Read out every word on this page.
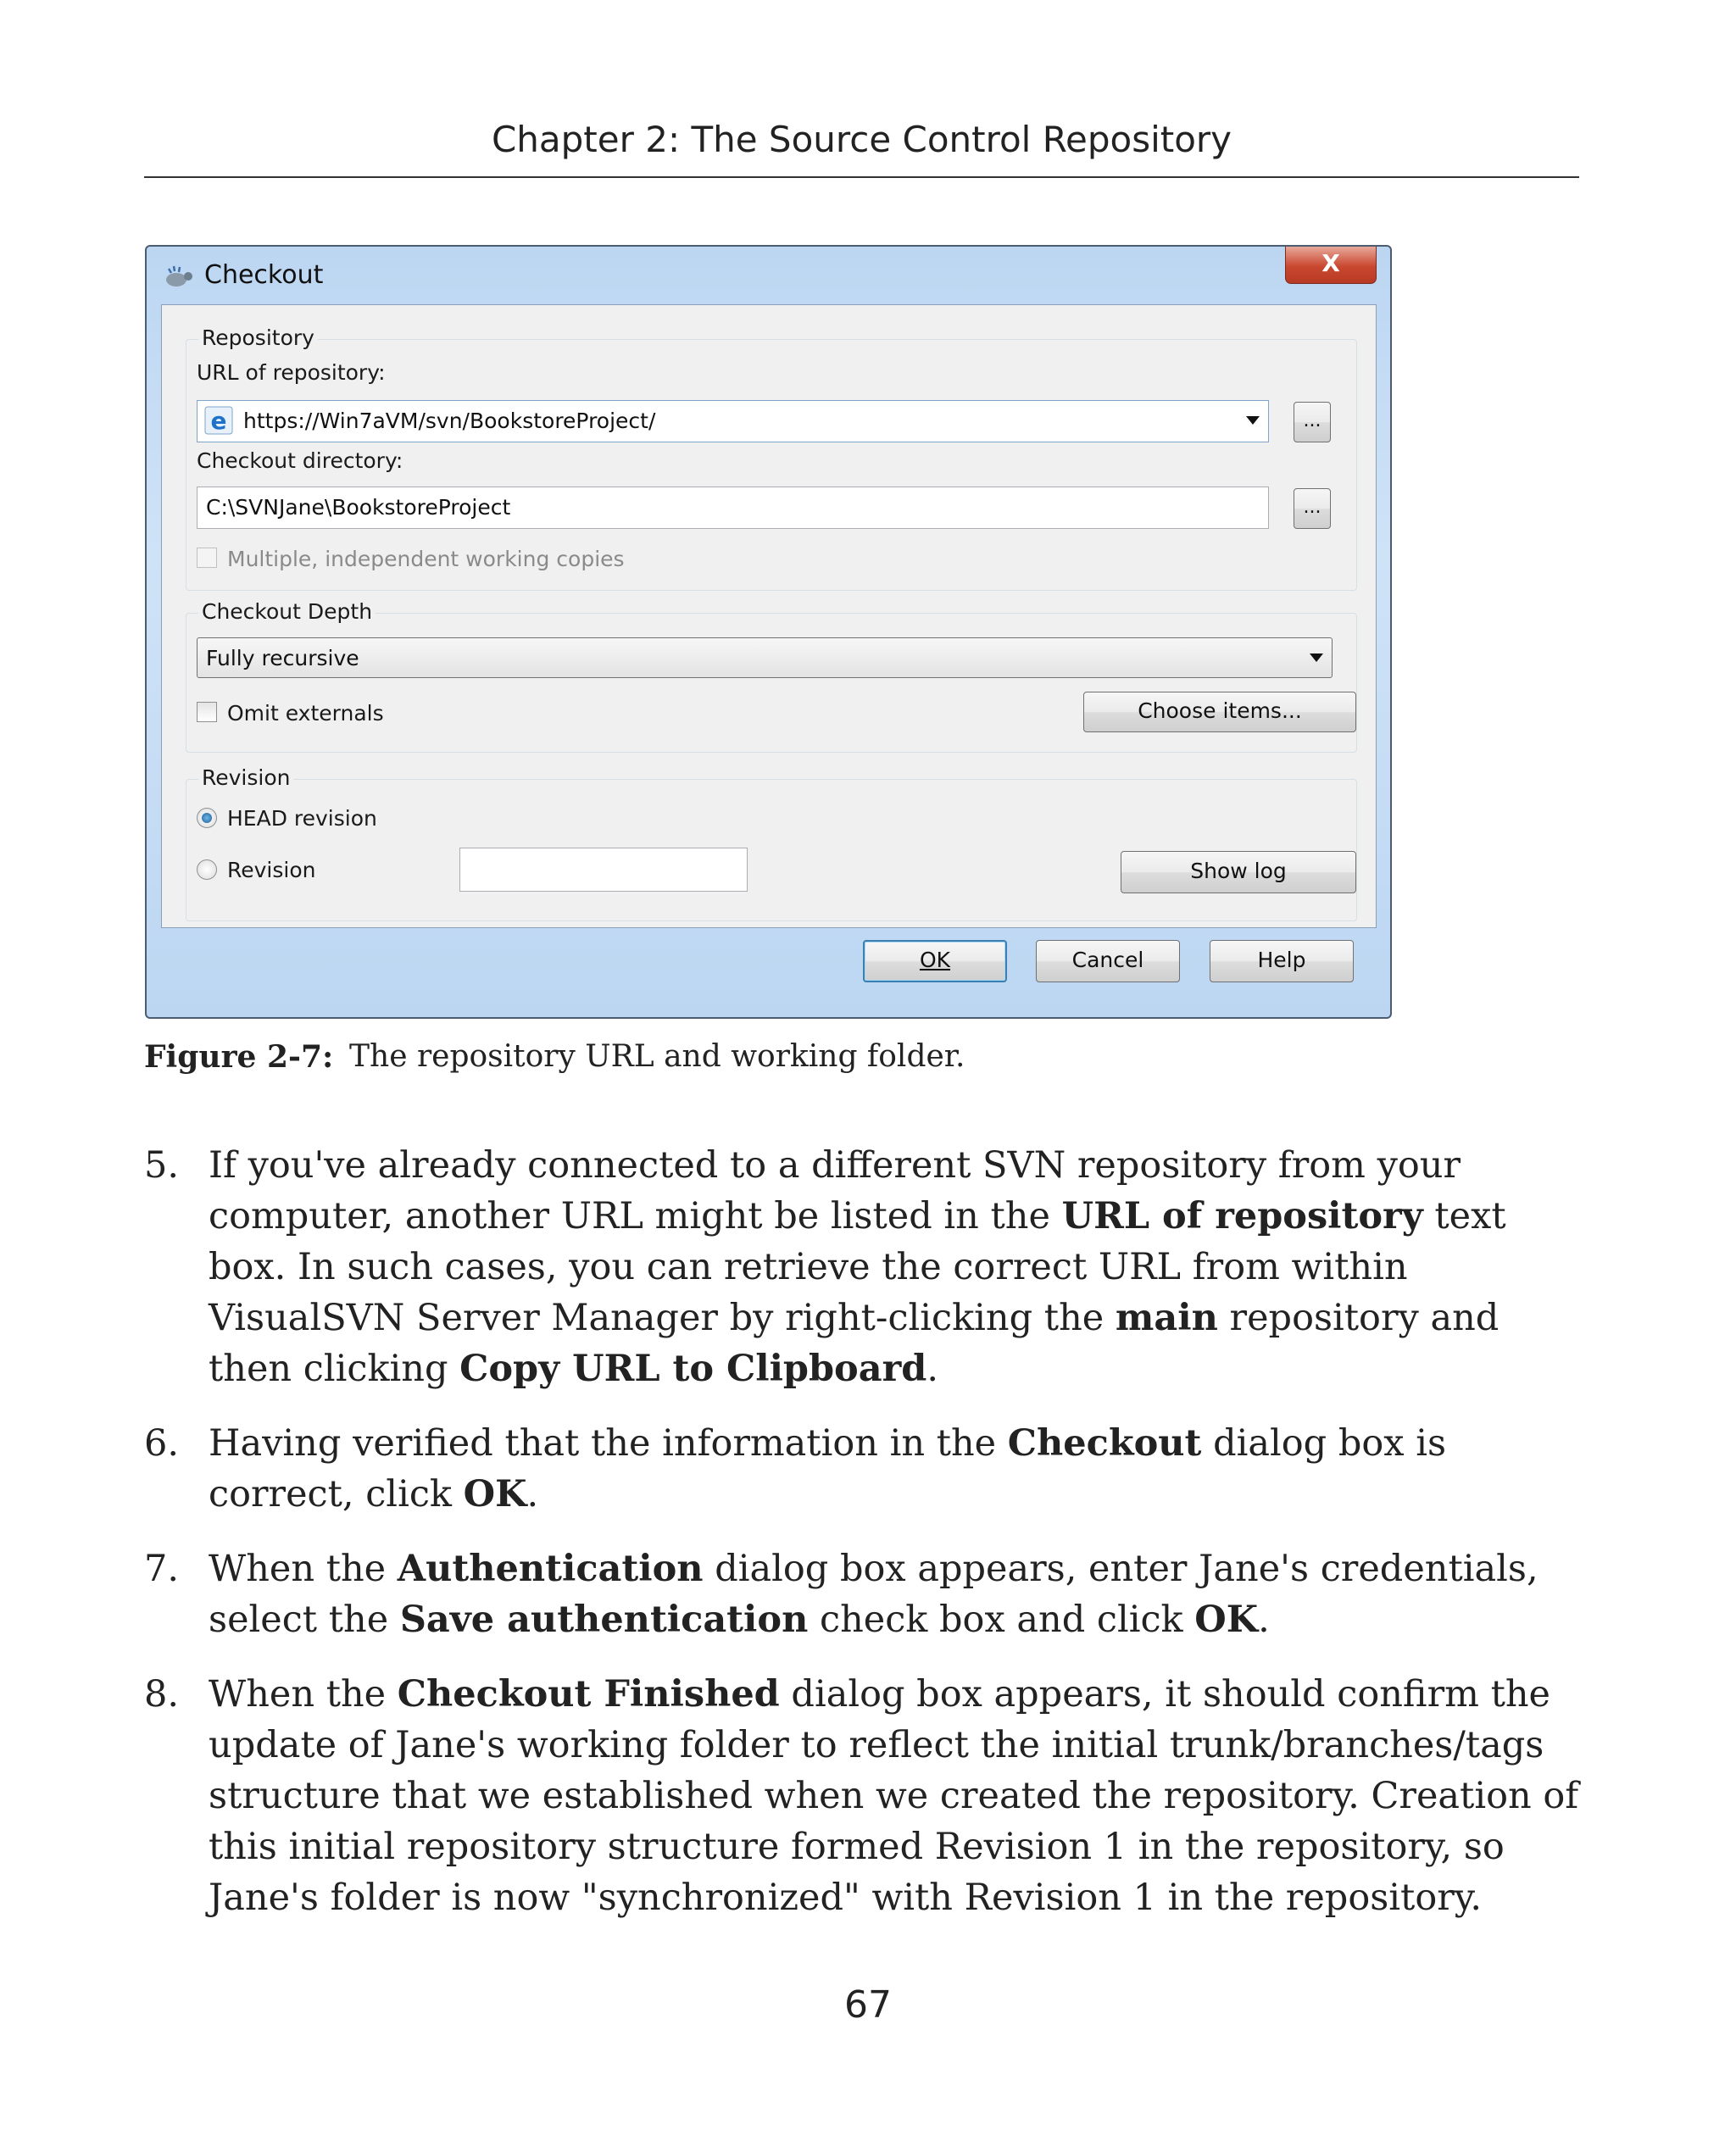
Chapter 2: The Source Control Repository
Checkout	X
Repository
URL of repository:
e https://Win7aVM/svn/BookstoreProject/	...
Checkout directory:
C:\SVNJane\BookstoreProject	...
Multiple, independent working copies
Checkout Depth
Fully recursive
Omit externals	Choose items...
Revision
HEAD revision
Revision	Show log
OK	Cancel	Help
Figure 2-7: The repository URL and working folder.
5. If you've already connected to a different SVN repository from your computer, another URL might be listed in the URL of repository text box. In such cases, you can retrieve the correct URL from within VisualSVN Server Manager by right-clicking the main repository and then clicking Copy URL to Clipboard.
6. Having verified that the information in the Checkout dialog box is correct, click OK.
7. When the Authentication dialog box appears, enter Jane's credentials, select the Save authentication check box and click OK.
8. When the Checkout Finished dialog box appears, it should confirm the update of Jane's working folder to reflect the initial trunk/branches/tags structure that we established when we created the repository. Creation of this initial repository structure formed Revision 1 in the repository, so Jane's folder is now "synchronized" with Revision 1 in the repository.
67
